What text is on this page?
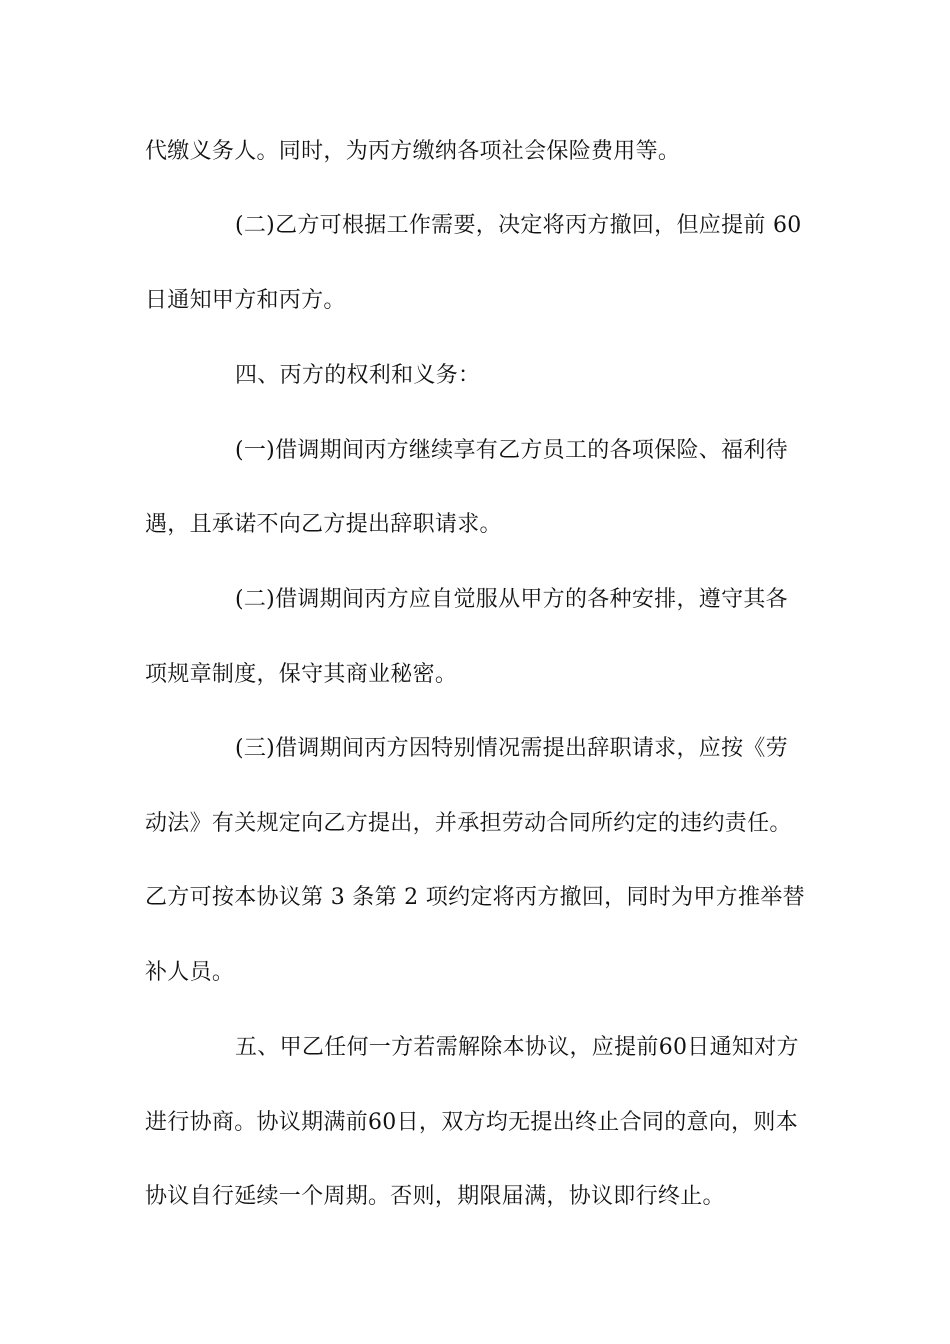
代缴义务人。同时，为丙方缴纳各项社会保险费用等。
(二)乙方可根据工作需要，决定将丙方撤回，但应提前 60
日通知甲方和丙方。
四、丙方的权利和义务：
(一)借调期间丙方继续享有乙方员工的各项保险、福利待
遇，且承诺不向乙方提出辞职请求。
(二)借调期间丙方应自觉服从甲方的各种安排，遵守其各
项规章制度，保守其商业秘密。
(三)借调期间丙方因特别情况需提出辞职请求，应按《劳
动法》有关规定向乙方提出，并承担劳动合同所约定的违约责任。
乙方可按本协议第 3 条第 2 项约定将丙方撤回，同时为甲方推举替
补人员。
五、甲乙任何一方若需解除本协议，应提前60日通知对方
进行协商。协议期满前60日，双方均无提出终止合同的意向，则本
协议自行延续一个周期。否则，期限届满，协议即行终止。
